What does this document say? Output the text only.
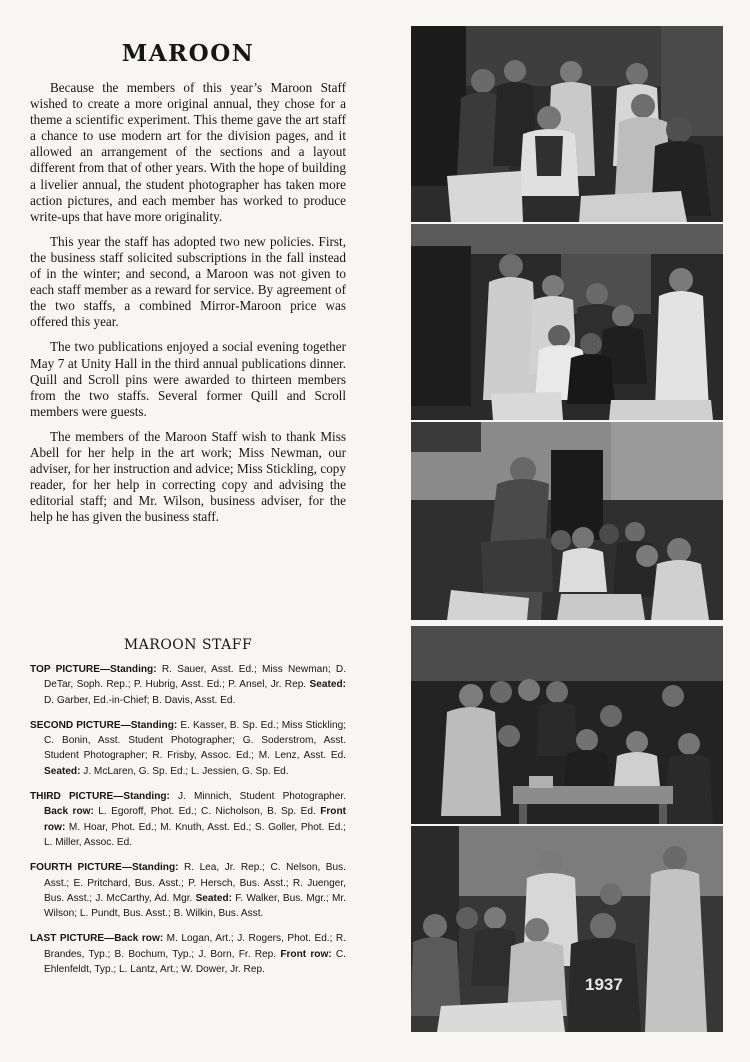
MAROON

Because the members of this year’s Maroon Staff wished to create a more original annual, they chose for a theme a scientific experiment. This theme gave the art staff a chance to use modern art for the division pages, and it allowed an arrangement of the sections and a layout different from that of other years. With the hope of building a livelier annual, the student photographer has taken more action pictures, and each member has worked to produce write-ups that have more originality.

This year the staff has adopted two new policies. First, the business staff solicited subscriptions in the fall instead of in the winter; and second, a Maroon was not given to each staff member as a reward for service. By agreement of the two staffs, a combined Mirror-Maroon price was offered this year.

The two publications enjoyed a social evening together May 7 at Unity Hall in the third annual publications dinner. Quill and Scroll pins were awarded to thirteen members from the two staffs. Several former Quill and Scroll members were guests.

The members of the Maroon Staff wish to thank Miss Abell for her help in the art work; Miss Newman, our adviser, for her instruction and advice; Miss Stickling, copy reader, for her help in correcting copy and advising the editorial staff; and Mr. Wilson, business adviser, for the help he has given the business staff.

MAROON STAFF

TOP PICTURE—Standing: R. Sauer, Asst. Ed.; Miss Newman; D. DeTar, Soph. Rep.; P. Hubrig, Asst. Ed.; P. Ansel, Jr. Rep. Seated: D. Garber, Ed.-in-Chief; B. Davis, Asst. Ed.

SECOND PICTURE—Standing: E. Kasser, B. Sp. Ed.; Miss Stickling; C. Bonin, Asst. Student Photographer; G. Soderstrom, Asst. Student Photographer; R. Frisby, Assoc. Ed.; M. Lenz, Asst. Ed. Seated: J. McLaren, G. Sp. Ed.; L. Jessien, G. Sp. Ed.

THIRD PICTURE—Standing: J. Minnich, Student Photographer. Back row: L. Egoroff, Phot. Ed.; C. Nicholson, B. Sp. Ed. Front row: M. Hoar, Phot. Ed.; M. Knuth, Asst. Ed.; S. Goller, Phot. Ed.; L. Miller, Assoc. Ed.

FOURTH PICTURE—Standing: R. Lea, Jr. Rep.; C. Nelson, Bus. Asst.; E. Pritchard, Bus. Asst.; P. Hersch, Bus. Asst.; R. Juenger, Bus. Asst.; J. McCarthy, Ad. Mgr. Seated: F. Walker, Bus. Mgr.; Mr. Wilson; L. Pundt, Bus. Asst.; B. Wilkin, Bus. Asst.

LAST PICTURE—Back row: M. Logan, Art.; J. Rogers, Phot. Ed.; R. Brandes, Typ.; B. Bochum, Typ.; J. Born, Fr. Rep. Front row: C. Ehlenfeldt, Typ.; L. Lantz, Art.; W. Dower, Jr. Rep.

1937
